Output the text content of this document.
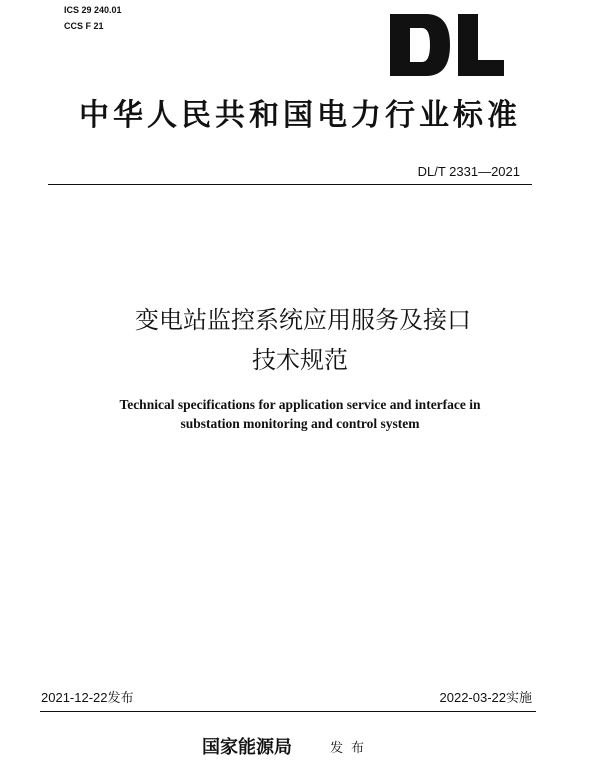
ICS 29 240.01
CCS F 21
中华人民共和国电力行业标准
DL/T 2331—2021
变电站监控系统应用服务及接口
技术规范
Technical specifications for application service and interface in
substation monitoring and control system
2021-12-22发布	2022-03-22实施
国家能源局	发布
